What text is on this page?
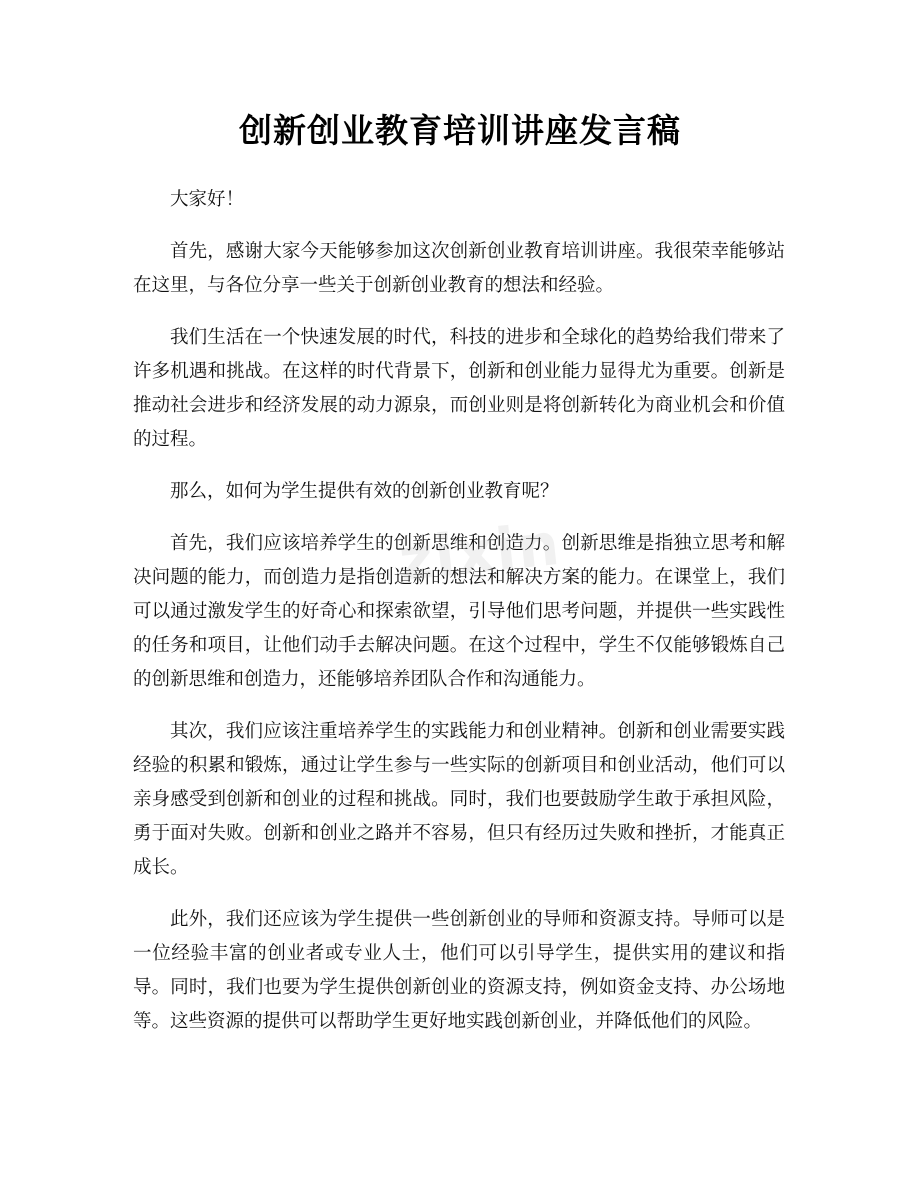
创新创业教育培训讲座发言稿

大家好！

首先，感谢大家今天能够参加这次创新创业教育培训讲座。我很荣幸能够站在这里，与各位分享一些关于创新创业教育的想法和经验。

我们生活在一个快速发展的时代，科技的进步和全球化的趋势给我们带来了许多机遇和挑战。在这样的时代背景下，创新和创业能力显得尤为重要。创新是推动社会进步和经济发展的动力源泉，而创业则是将创新转化为商业机会和价值的过程。

那么，如何为学生提供有效的创新创业教育呢？

首先，我们应该培养学生的创新思维和创造力。创新思维是指独立思考和解决问题的能力，而创造力是指创造新的想法和解决方案的能力。在课堂上，我们可以通过激发学生的好奇心和探索欲望，引导他们思考问题，并提供一些实践性的任务和项目，让他们动手去解决问题。在这个过程中，学生不仅能够锻炼自己的创新思维和创造力，还能够培养团队合作和沟通能力。

其次，我们应该注重培养学生的实践能力和创业精神。创新和创业需要实践经验的积累和锻炼，通过让学生参与一些实际的创新项目和创业活动，他们可以亲身感受到创新和创业的过程和挑战。同时，我们也要鼓励学生敢于承担风险，勇于面对失败。创新和创业之路并不容易，但只有经历过失败和挫折，才能真正成长。

此外，我们还应该为学生提供一些创新创业的导师和资源支持。导师可以是一位经验丰富的创业者或专业人士，他们可以引导学生，提供实用的建议和指导。同时，我们也要为学生提供创新创业的资源支持，例如资金支持、办公场地等。这些资源的提供可以帮助学生更好地实践创新创业，并降低他们的风险。

zixin
